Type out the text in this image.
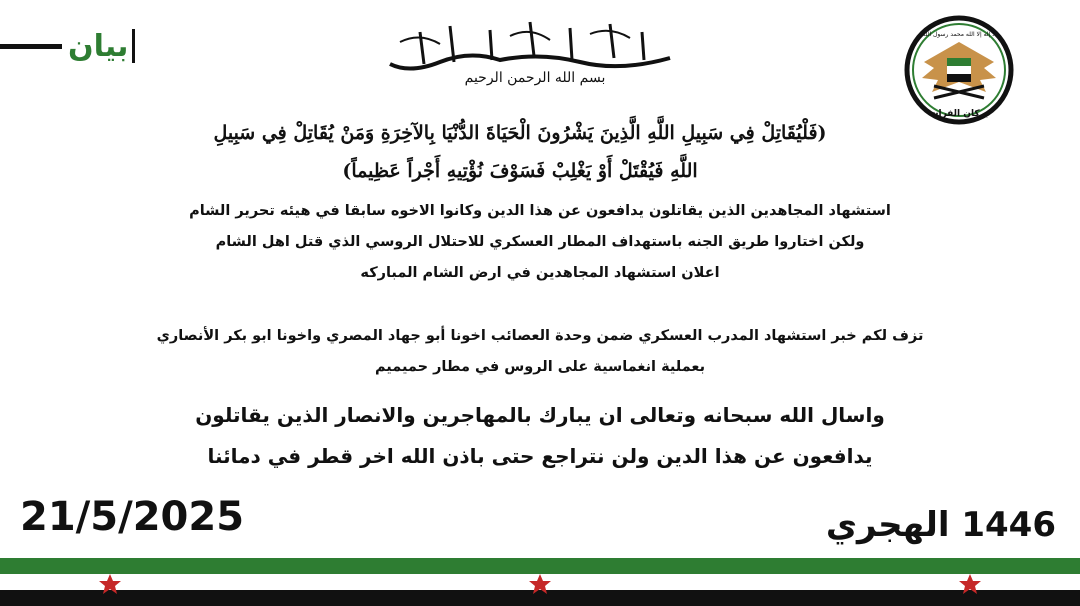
بيان
بسم الله الرحمن الرحيم
لا إله إلا الله محمد رسول الله
بركان الفرات
(فَلْيُقَاتِلْ فِي سَبِيلِ اللَّهِ الَّذِينَ يَشْرُونَ الْحَيَاةَ الدُّنْيَا بِالآخِرَةِ وَمَنْ يُقَاتِلْ فِي سَبِيلِ
اللَّهِ فَيُقْتَلْ أَوْ يَغْلِبْ فَسَوْفَ نُؤْتِيهِ أَجْراً عَظِيماً)
استشهاد المجاهدين الذين يقاتلون يدافعون عن هذا الدين وكانوا الاخوه سابقا في هيئه تحرير الشام
ولكن اختاروا طريق الجنه باستهداف المطار العسكري للاحتلال الروسي الذي قتل اهل الشام
اعلان استشهاد المجاهدين في ارض الشام المباركه
تزف لكم خبر استشهاد المدرب العسكري ضمن وحدة العصائب اخونا أبو جهاد المصري واخونا ابو بكر الأنصاري
بعملية انغماسية على الروس في مطار حميميم
واسال الله سبحانه وتعالى ان يبارك بالمهاجرين والانصار الذين يقاتلون
يدافعون عن هذا الدين ولن نتراجع حتى باذن الله اخر قطر في دمائنا
21/5/2025	1446 الهجري
